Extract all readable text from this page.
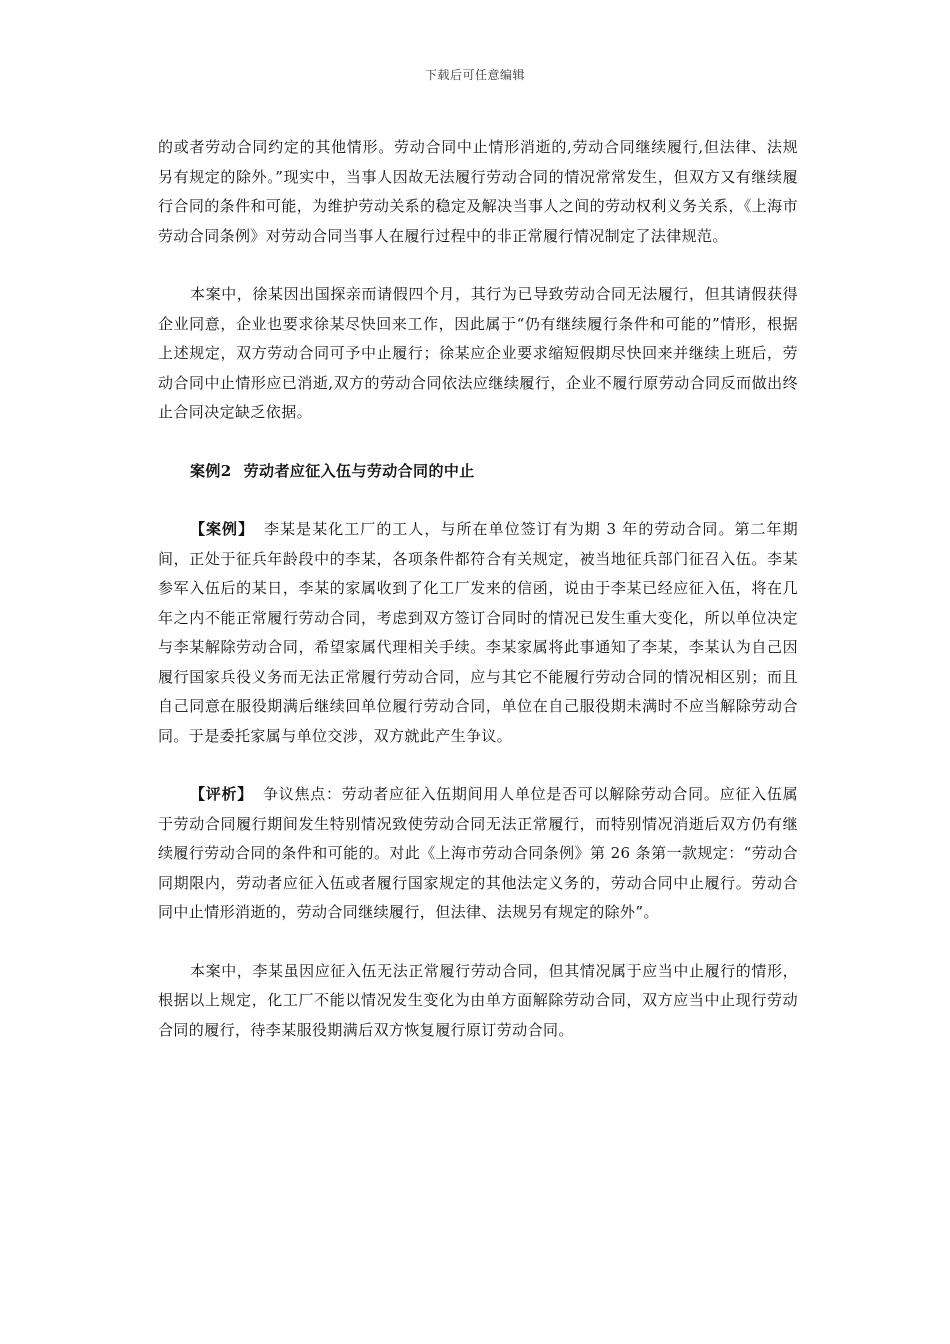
下载后可任意编辑

的或者劳动合同约定的其他情形。劳动合同中止情形消逝的,劳动合同继续履行,但法律、法规另有规定的除外。”现实中，当事人因故无法履行劳动合同的情况常常发生，但双方又有继续履行合同的条件和可能，为维护劳动关系的稳定及解决当事人之间的劳动权利义务关系，《上海市劳动合同条例》对劳动合同当事人在履行过程中的非正常履行情况制定了法律规范。

本案中，徐某因出国探亲而请假四个月，其行为已导致劳动合同无法履行，但其请假获得企业同意，企业也要求徐某尽快回来工作，因此属于“仍有继续履行条件和可能的”情形，根据上述规定，双方劳动合同可予中止履行；徐某应企业要求缩短假期尽快回来并继续上班后，劳动合同中止情形应已消逝,双方的劳动合同依法应继续履行，企业不履行原劳动合同反而做出终止合同决定缺乏依据。

案例2 劳动者应征入伍与劳动合同的中止

【案例】 李某是某化工厂的工人，与所在单位签订有为期 3 年的劳动合同。第二年期间，正处于征兵年龄段中的李某，各项条件都符合有关规定，被当地征兵部门征召入伍。李某参军入伍后的某日，李某的家属收到了化工厂发来的信函，说由于李某已经应征入伍，将在几年之内不能正常履行劳动合同，考虑到双方签订合同时的情况已发生重大变化，所以单位决定与李某解除劳动合同，希望家属代理相关手续。李某家属将此事通知了李某，李某认为自己因履行国家兵役义务而无法正常履行劳动合同，应与其它不能履行劳动合同的情况相区别；而且自己同意在服役期满后继续回单位履行劳动合同，单位在自己服役期未满时不应当解除劳动合同。于是委托家属与单位交涉，双方就此产生争议。

【评析】 争议焦点：劳动者应征入伍期间用人单位是否可以解除劳动合同。应征入伍属于劳动合同履行期间发生特别情况致使劳动合同无法正常履行，而特别情况消逝后双方仍有继续履行劳动合同的条件和可能的。对此《上海市劳动合同条例》第 26 条第一款规定：“劳动合同期限内，劳动者应征入伍或者履行国家规定的其他法定义务的，劳动合同中止履行。劳动合同中止情形消逝的，劳动合同继续履行，但法律、法规另有规定的除外”。

本案中，李某虽因应征入伍无法正常履行劳动合同，但其情况属于应当中止履行的情形，根据以上规定，化工厂不能以情况发生变化为由单方面解除劳动合同，双方应当中止现行劳动合同的履行，待李某服役期满后双方恢复履行原订劳动合同。
